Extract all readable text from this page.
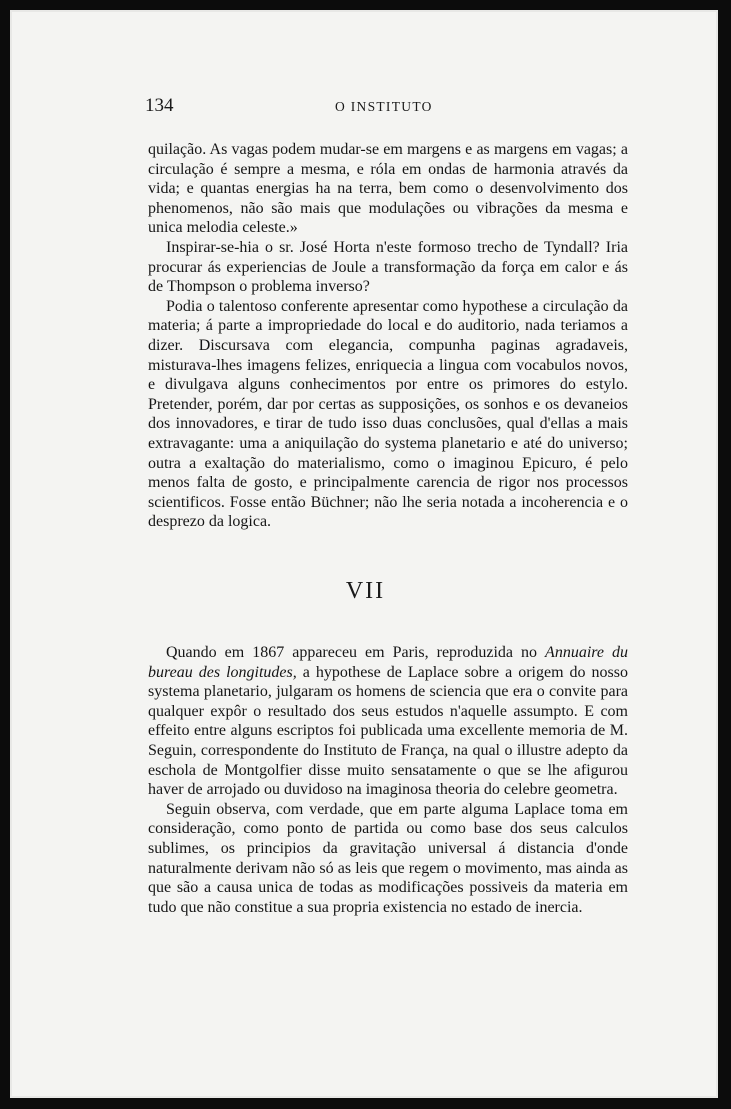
134	O INSTITUTO

quilação. As vagas podem mudar-se em margens e as margens em vagas; a circulação é sempre a mesma, e róla em ondas de harmonia através da vida; e quantas energias ha na terra, bem como o desenvolvimento dos phenomenos, não são mais que modulações ou vibrações da mesma e unica melodia celeste.»

Inspirar-se-hia o sr. José Horta n'este formoso trecho de Tyndall? Iria procurar ás experiencias de Joule a transformação da força em calor e ás de Thompson o problema inverso?

Podia o talentoso conferente apresentar como hypothese a circulação da materia; á parte a impropriedade do local e do auditorio, nada teriamos a dizer. Discursava com elegancia, compunha paginas agradaveis, misturava-lhes imagens felizes, enriquecia a lingua com vocabulos novos, e divulgava alguns conhecimentos por entre os primores do estylo. Pretender, porém, dar por certas as supposições, os sonhos e os devaneios dos innovadores, e tirar de tudo isso duas conclusões, qual d'ellas a mais extravagante: uma a aniquilação do systema planetario e até do universo; outra a exaltação do materialismo, como o imaginou Epicuro, é pelo menos falta de gosto, e principalmente carencia de rigor nos processos scientificos. Fosse então Büchner; não lhe seria notada a incoherencia e o desprezo da logica.

VII

Quando em 1867 appareceu em Paris, reproduzida no Annuaire du bureau des longitudes, a hypothese de Laplace sobre a origem do nosso systema planetario, julgaram os homens de sciencia que era o convite para qualquer expôr o resultado dos seus estudos n'aquelle assumpto. E com effeito entre alguns escriptos foi publicada uma excellente memoria de M. Seguin, correspondente do Instituto de França, na qual o illustre adepto da eschola de Montgolfier disse muito sensatamente o que se lhe afigurou haver de arrojado ou duvidoso na imaginosa theoria do celebre geometra.

Seguin observa, com verdade, que em parte alguma Laplace toma em consideração, como ponto de partida ou como base dos seus calculos sublimes, os principios da gravitação universal á distancia d'onde naturalmente derivam não só as leis que regem o movimento, mas ainda as que são a causa unica de todas as modificações possiveis da materia em tudo que não constitue a sua propria existencia no estado de inercia.
